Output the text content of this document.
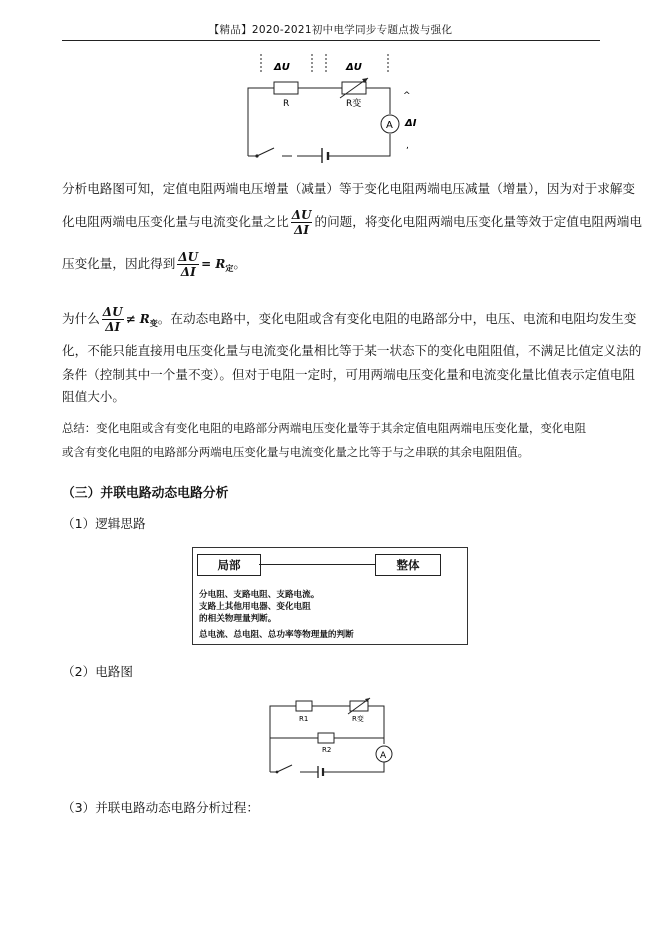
【精品】2020-2021初中电学同步专题点拨与强化
ΔU	ΔU
R	R变
A
^
ΔI
,
分析电路图可知，定值电阻两端电压增量（减量）等于变化电阻两端电压减量（增量），因为对于求解变
化电阻两端电压变化量与电流变化量之比 $\frac{\Delta U}{\Delta I}$ 的问题，将变化电阻两端电压变化量等效于定值电阻两端电
压变化量，因此得到 $\frac{\Delta U}{\Delta I} = R_定$。
为什么 $\frac{\Delta U}{\Delta I} \ne R_变$。在动态电路中，变化电阻或含有变化电阻的电路部分中，电压、电流和电阻均发生变
化，不能只能直接用电压变化量与电流变化量相比等于某一状态下的变化电阻阻值，不满足比值定义法的
条件（控制其中一个量不变）。但对于电阻一定时，可用两端电压变化量和电流变化量比值表示定值电阻
阻值大小。
总结：变化电阻或含有变化电阻的电路部分两端电压变化量等于其余定值电阻两端电压变化量，变化电阻
或含有变化电阻的电路部分两端电压变化量与电流变化量之比等于与之串联的其余电阻阻值。
（三）并联电路动态电路分析
（1）逻辑思路
局部	整体
分电阻、支路电阻、支路电流。
支路上其他用电器、变化电阻
的相关物理量判断。
总电流、总电阻、总功率等物理量的判断
（2）电路图
R1	R变
R2
A
（3）并联电路动态电路分析过程：
